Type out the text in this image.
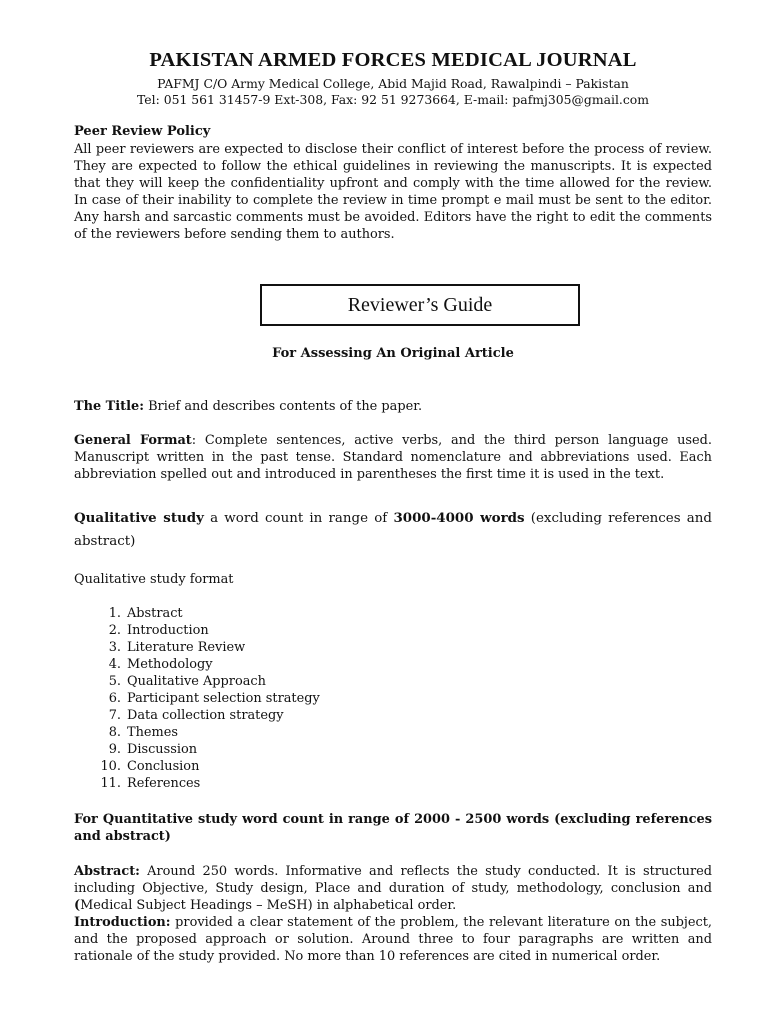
PAKISTAN ARMED FORCES MEDICAL JOURNAL
PAFMJ C/O Army Medical College, Abid Majid Road, Rawalpindi – Pakistan
Tel: 051 561 31457-9 Ext-308, Fax: 92 51 9273664, E-mail: pafmj305@gmail.com
Peer Review Policy
All peer reviewers are expected to disclose their conflict of interest before the process of review. They are expected to follow the ethical guidelines in reviewing the manuscripts. It is expected that they will keep the confidentiality upfront and comply with the time allowed for the review. In case of their inability to complete the review in time prompt e mail must be sent to the editor. Any harsh and sarcastic comments must be avoided. Editors have the right to edit the comments of the reviewers before sending them to authors.
Reviewer’s Guide
For Assessing An Original Article
The Title: Brief and describes contents of the paper.
General Format: Complete sentences, active verbs, and the third person language used. Manuscript written in the past tense. Standard nomenclature and abbreviations used. Each abbreviation spelled out and introduced in parentheses the first time it is used in the text.
Qualitative study a word count in range of 3000-4000 words (excluding references and abstract)
Qualitative study format
1. Abstract
2. Introduction
3. Literature Review
4. Methodology
5. Qualitative Approach
6. Participant selection strategy
7. Data collection strategy
8. Themes
9. Discussion
10. Conclusion
11. References
For Quantitative study word count in range of 2000 - 2500 words (excluding references and abstract)
Abstract: Around 250 words. Informative and reflects the study conducted. It is structured including Objective, Study design, Place and duration of study, methodology, conclusion and (Medical Subject Headings – MeSH) in alphabetical order.
Introduction: provided a clear statement of the problem, the relevant literature on the subject, and the proposed approach or solution. Around three to four paragraphs are written and rationale of the study provided. No more than 10 references are cited in numerical order.
